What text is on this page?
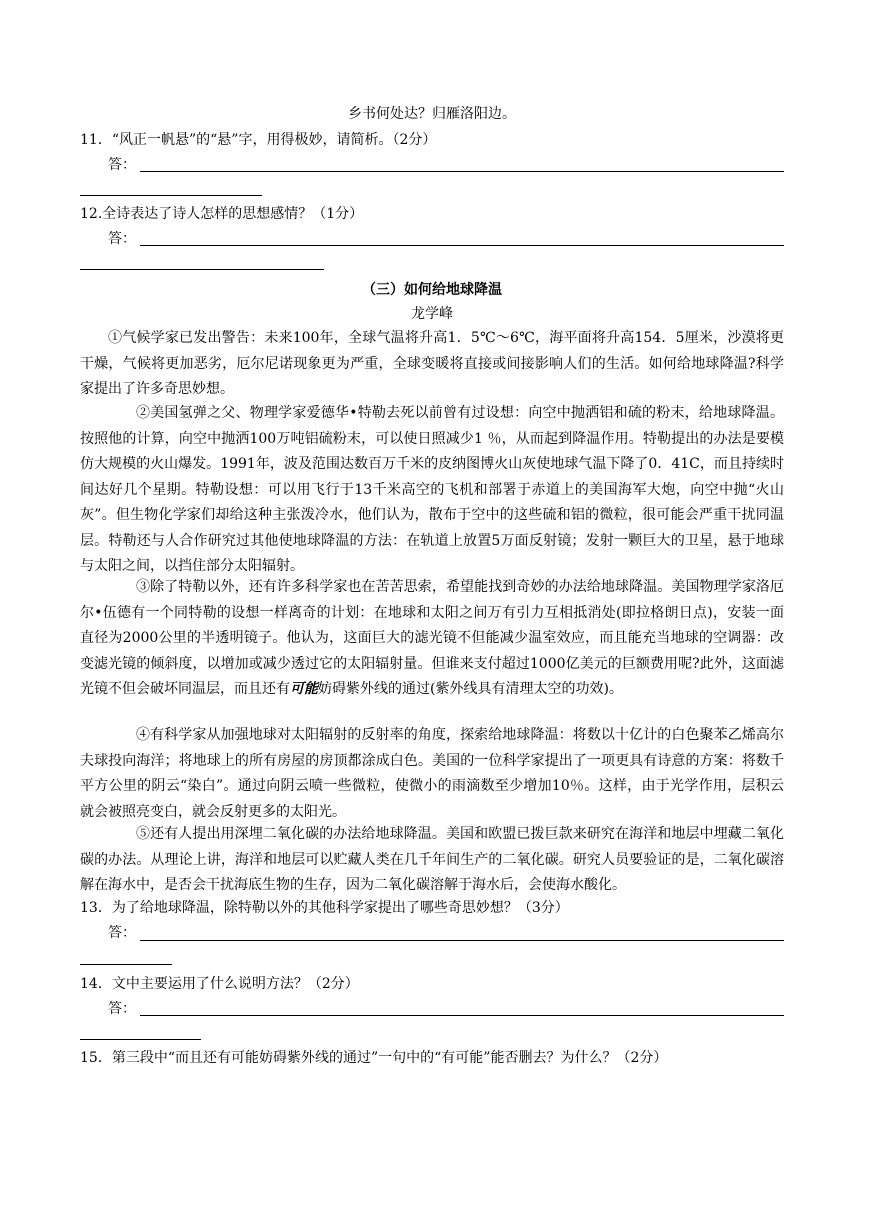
乡书何处达？归雁洛阳边。
11．“风正一帆悬”的“悬”字，用得极妙，请简析。（2分）
答：
12.全诗表达了诗人怎样的思想感情？（1分）
答：
（三）如何给地球降温
龙学峰
①气候学家已发出警告：未来100年，全球气温将升高1．5℃～6℃，海平面将升高154．5厘米，沙漠将更干燥，气候将更加恶劣，厄尔尼诺现象更为严重，全球变暖将直接或间接影响人们的生活。如何给地球降温?科学家提出了许多奇思妙想。
②美国氢弹之父、物理学家爱德华•特勒去死以前曾有过设想：向空中抛洒铝和硫的粉末，给地球降温。按照他的计算，向空中抛洒100万吨铝硫粉末，可以使日照减少1 ％，从而起到降温作用。特勒提出的办法是要模仿大规模的火山爆发。1991年，波及范围达数百万千米的皮纳图博火山灰使地球气温下降了0．41C，而且持续时间达好几个星期。特勒设想：可以用飞行于13千米高空的飞机和部署于赤道上的美国海军大炮，向空中抛“火山灰”。但生物化学家们却给这种主张泼冷水，他们认为，散布于空中的这些硫和铝的微粒，很可能会严重干扰同温层。特勒还与人合作研究过其他使地球降温的方法：在轨道上放置5万面反射镜；发射一颗巨大的卫星，悬于地球与太阳之间，以挡住部分太阳辐射。
③除了特勒以外，还有许多科学家也在苦苦思索，希望能找到奇妙的办法给地球降温。美国物理学家洛厄尔•伍德有一个同特勒的设想一样离奇的计划：在地球和太阳之间万有引力互相抵消处(即拉格朗日点)，安装一面直径为2000公里的半透明镜子。他认为，这面巨大的滤光镜不但能减少温室效应，而且能充当地球的空调器：改变滤光镜的倾斜度，以增加或减少透过它的太阳辐射量。但谁来支付超过1000亿美元的巨额费用呢?此外，这面滤光镜不但会破坏同温层，而且还有可能妨碍紫外线的通过(紫外线具有清理太空的功效)。
④有科学家从加强地球对太阳辐射的反射率的角度，探索给地球降温：将数以十亿计的白色聚苯乙烯高尔夫球投向海洋；将地球上的所有房屋的房顶都涂成白色。美国的一位科学家提出了一项更具有诗意的方案：将数千平方公里的阴云“染白”。通过向阴云喷一些微粒，使微小的雨滴数至少增加10％。这样，由于光学作用，层积云就会被照亮变白，就会反射更多的太阳光。
⑤还有人提出用深埋二氧化碳的办法给地球降温。美国和欧盟已拨巨款来研究在海洋和地层中埋藏二氧化碳的办法。从理论上讲，海洋和地层可以贮藏人类在几千年间生产的二氧化碳。研究人员要验证的是，二氧化碳溶解在海水中，是否会干扰海底生物的生存，因为二氧化碳溶解于海水后，会使海水酸化。
13．为了给地球降温，除特勒以外的其他科学家提出了哪些奇思妙想？（3分）
答：
14．文中主要运用了什么说明方法？（2分）
答：
15．第三段中“而且还有可能妨碍紫外线的通过”一句中的“有可能”能否删去？为什么？（2分）
